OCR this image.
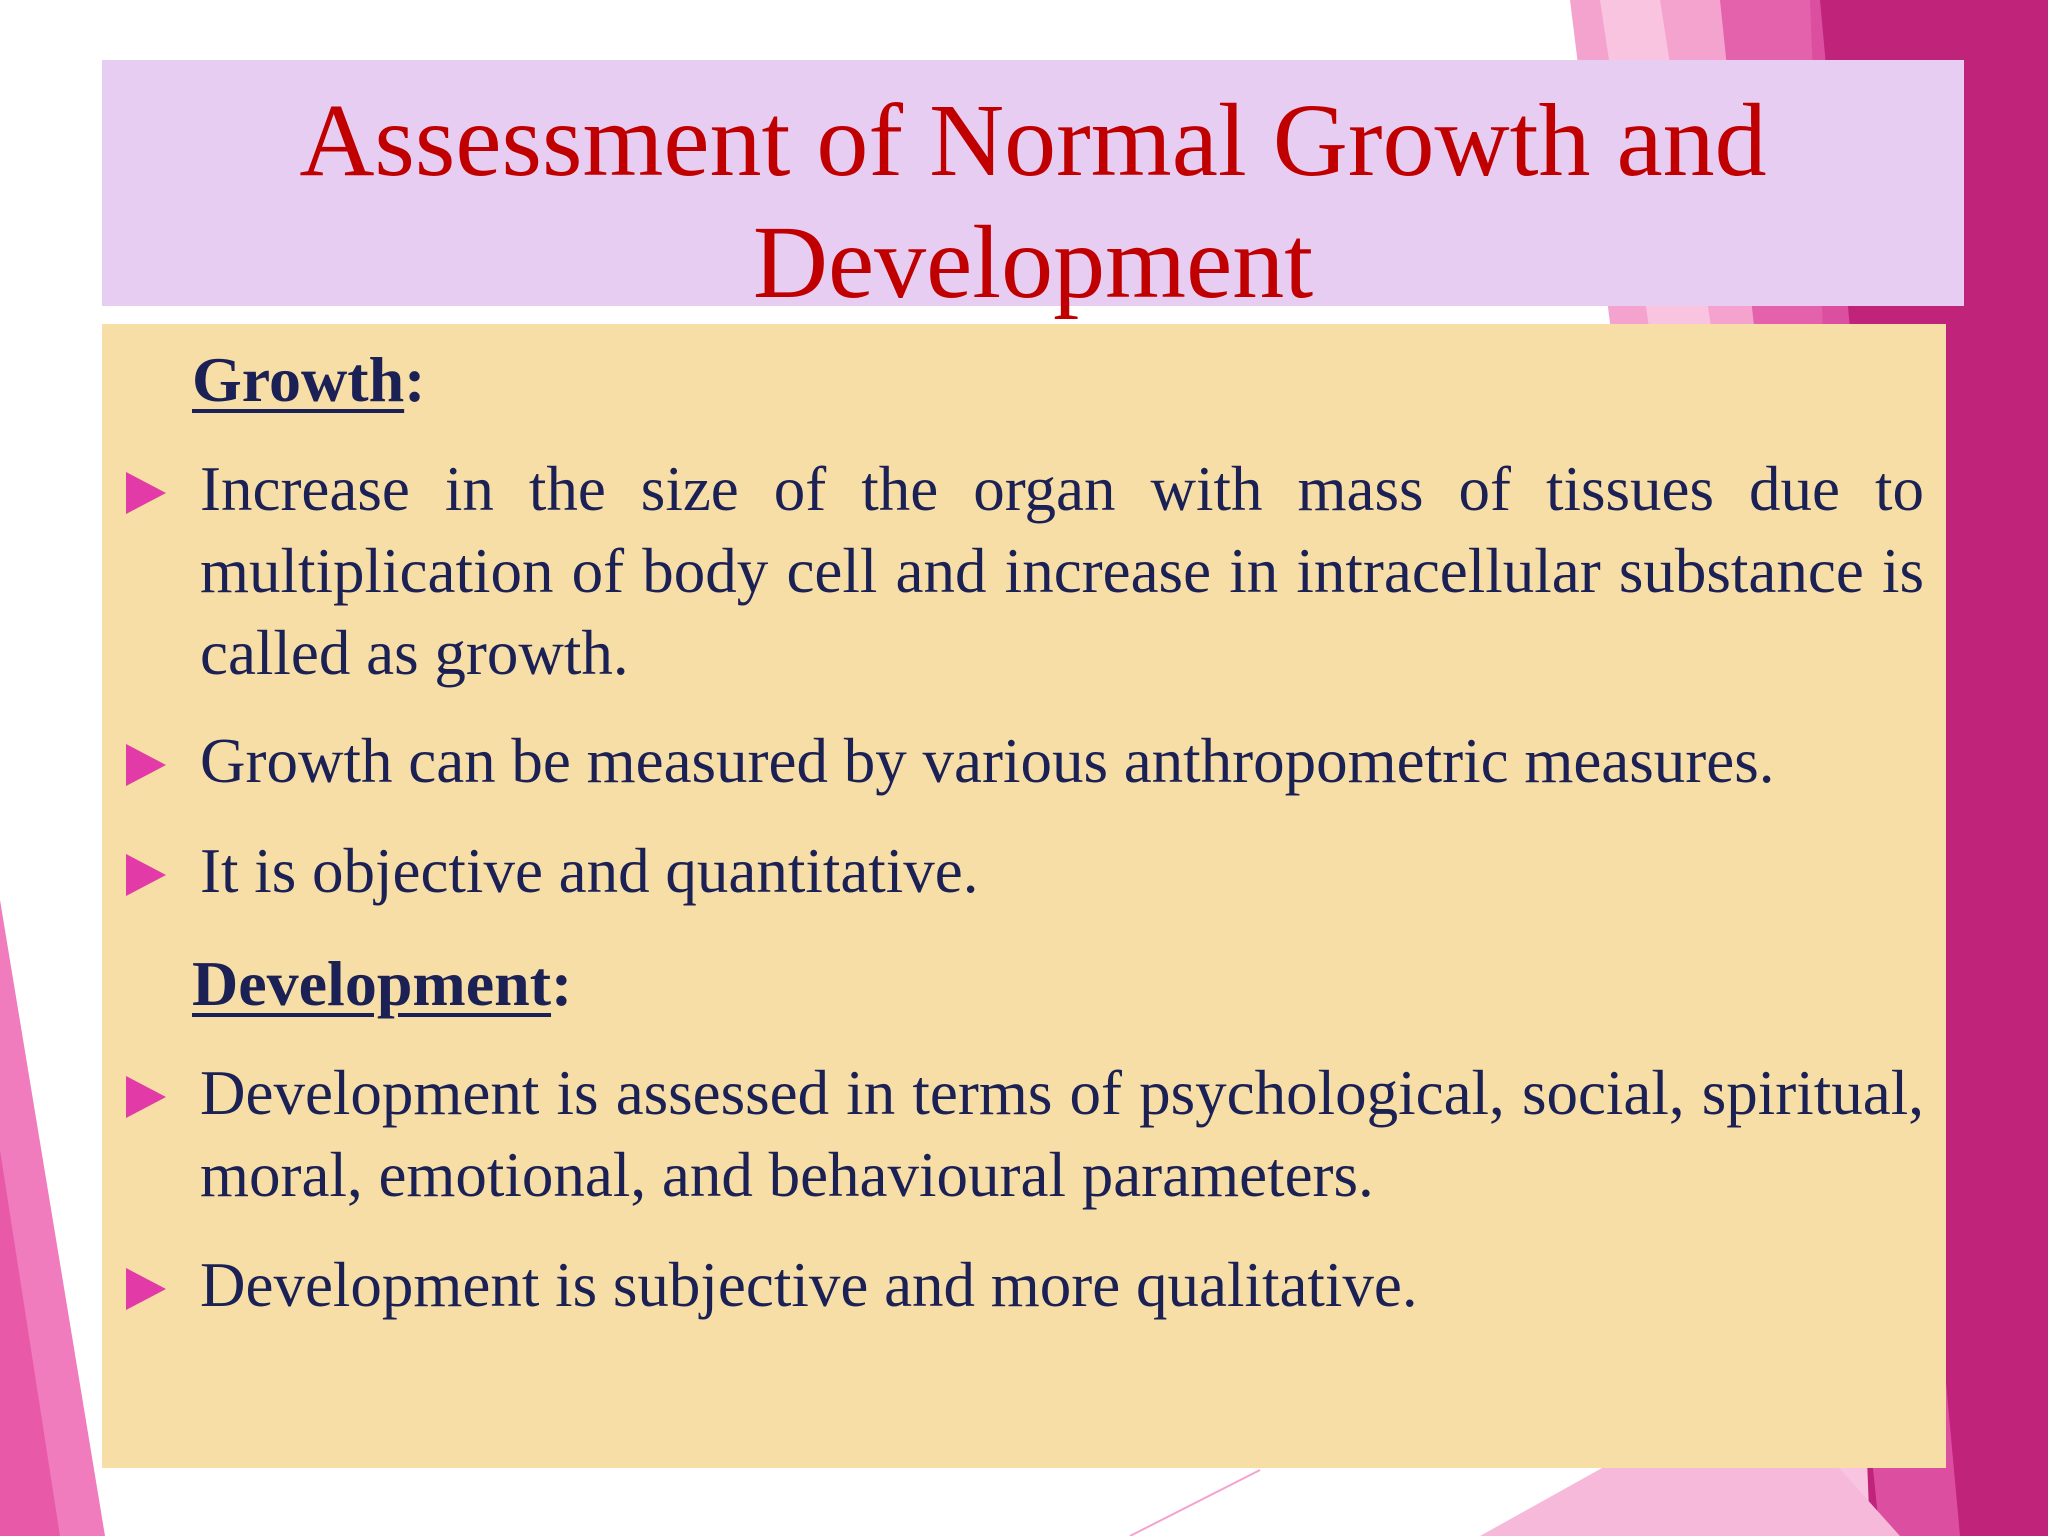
Assessment of Normal Growth and Development
Growth:
Increase in the size of the organ with mass of tissues due to multiplication of body cell and increase in intracellular substance is called as growth.
Growth can be measured by various anthropometric measures.
It is objective and quantitative.
Development:
Development is assessed in terms of psychological, social, spiritual, moral, emotional, and behavioural parameters.
Development is subjective and more qualitative.
